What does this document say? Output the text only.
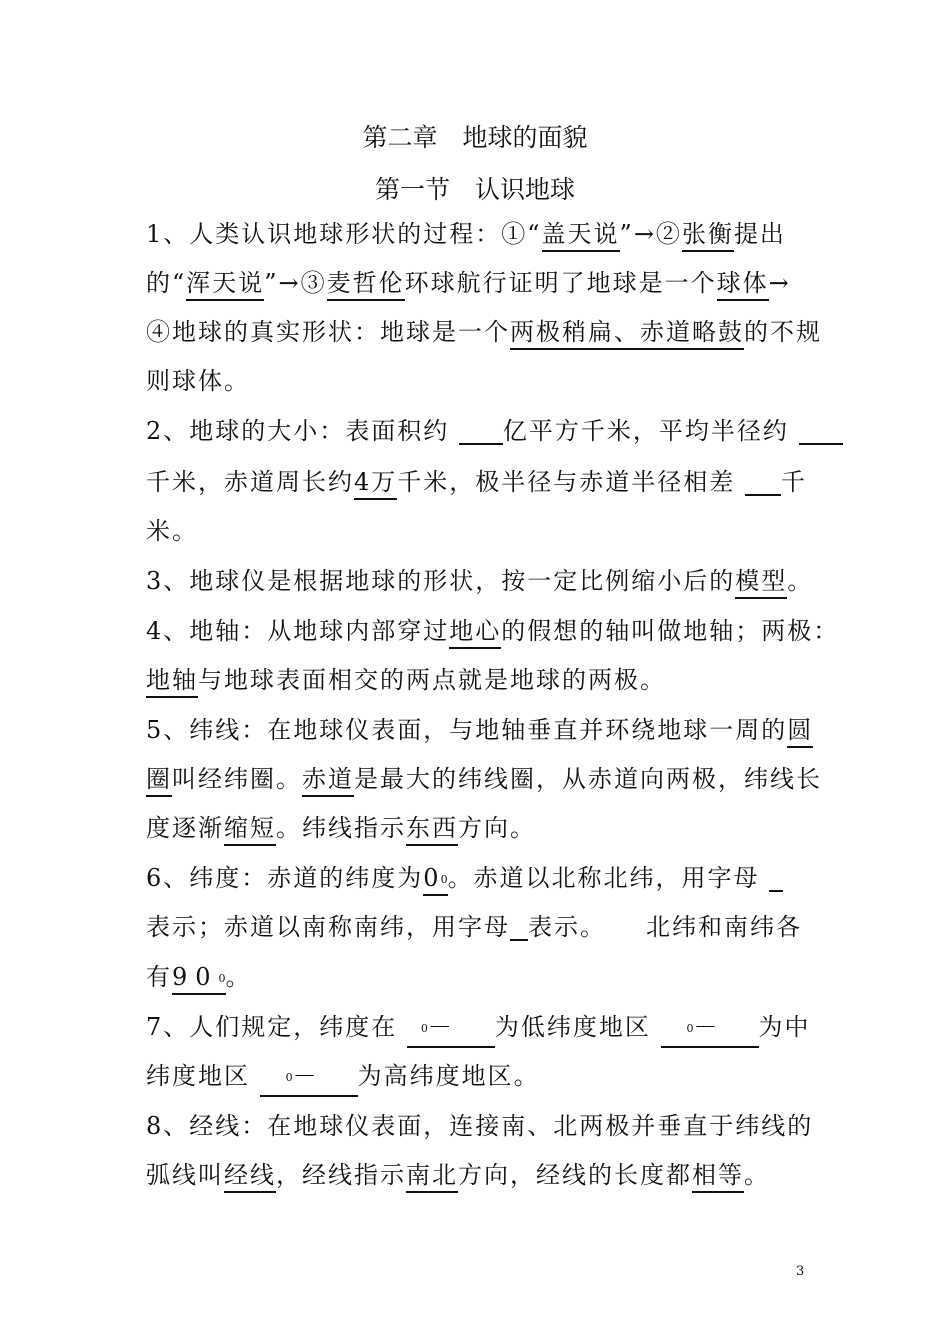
第二章　地球的面貌
第一节　认识地球
1、人类认识地球形状的过程：①“盖天说”→②张衡提出
的“浑天说”→③麦哲伦环球航行证明了地球是一个球体→
④地球的真实形状：地球是一个两极稍扁、赤道略鼓的不规
则球体。
2、地球的大小：表面积约 亿平方千米，平均半径约
千米，赤道周长约4万千米，极半径与赤道半径相差 千
米。
3、地球仪是根据地球的形状，按一定比例缩小后的模型。
4、地轴：从地球内部穿过地心的假想的轴叫做地轴；两极：
地轴与地球表面相交的两点就是地球的两极。
5、纬线：在地球仪表面，与地轴垂直并环绕地球一周的圆
圈叫经纬圈。赤道是最大的纬线圈，从赤道向两极，纬线长
度逐渐缩短。纬线指示东西方向。
6、纬度：赤道的纬度为00。赤道以北称北纬，用字母
表示；赤道以南称南纬，用字母 表示。　　北纬和南纬各
有900。
7、人们规定，纬度在 0－ 为低纬度地区 0－ 为中
纬度地区 0－ 为高纬度地区。
8、经线：在地球仪表面，连接南、北两极并垂直于纬线的
弧线叫经线，经线指示南北方向，经线的长度都相等。
3
